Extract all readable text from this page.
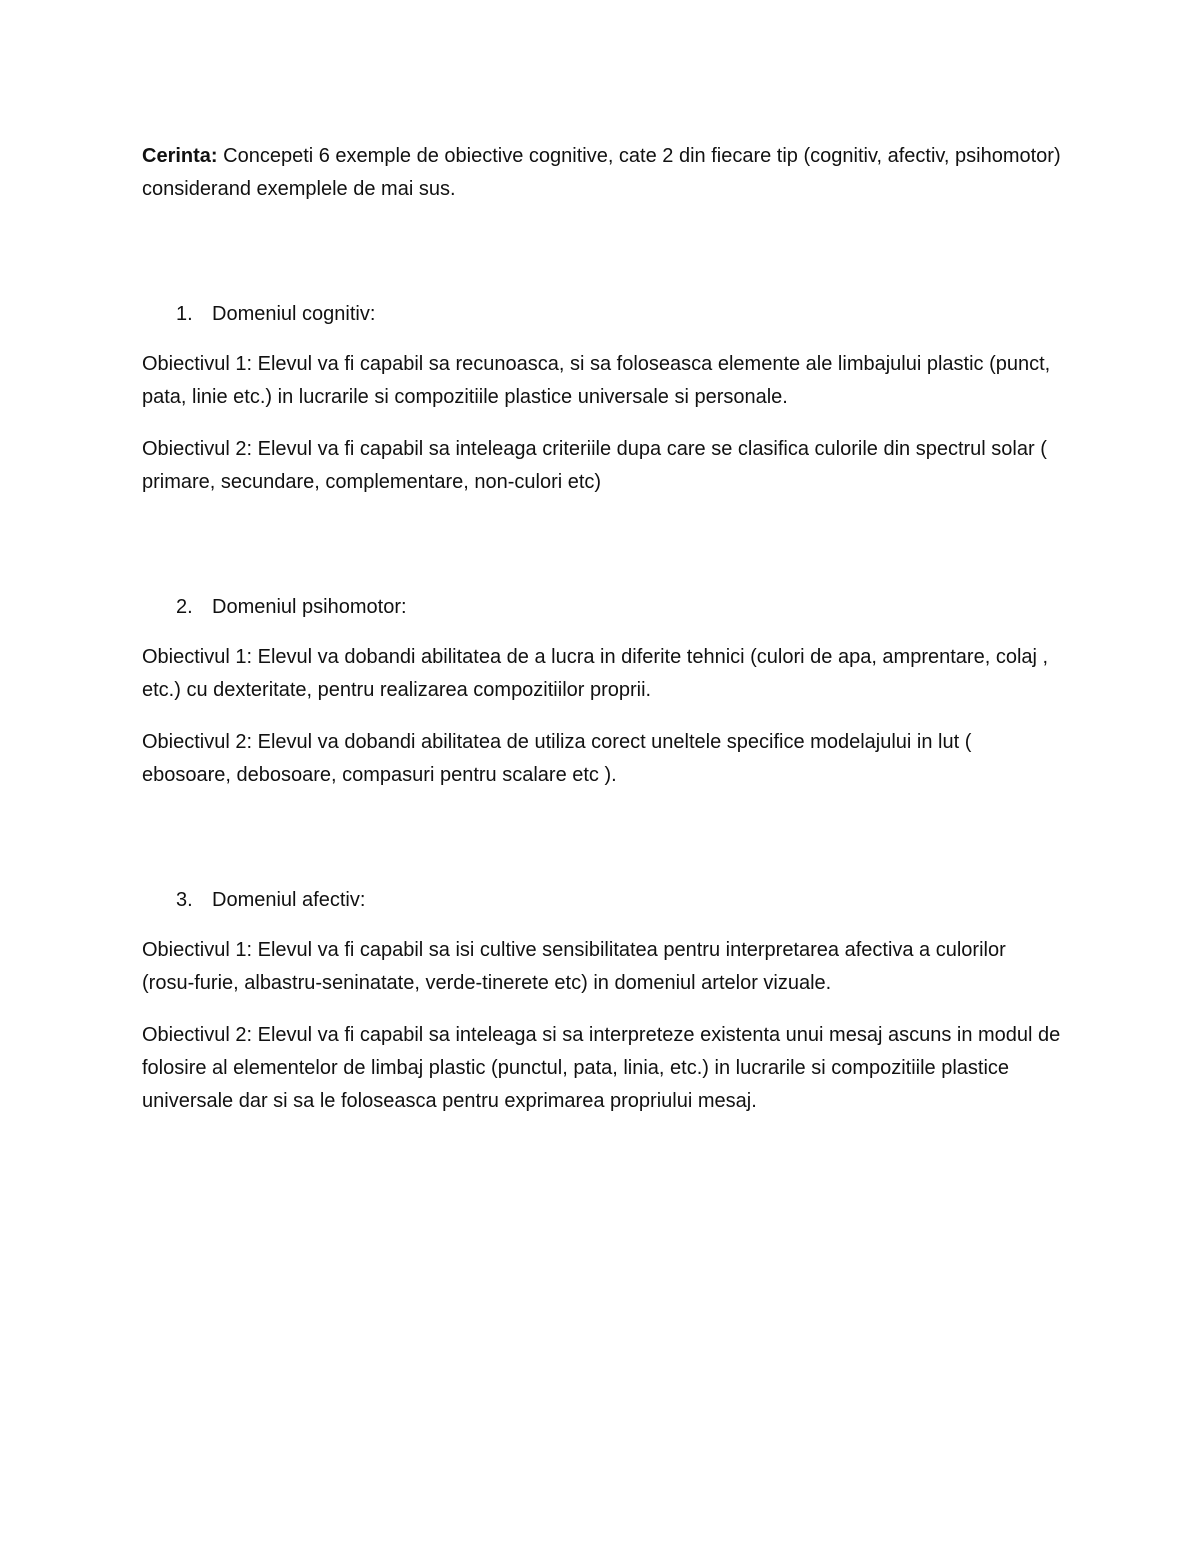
Cerinta: Concepeti 6 exemple de obiective cognitive, cate 2 din fiecare tip (cognitiv, afectiv, psihomotor) considerand exemplele de mai sus.

1. Domeniul cognitiv:

Obiectivul 1: Elevul va fi capabil sa recunoasca, si sa foloseasca elemente ale limbajului plastic (punct, pata, linie etc.) in lucrarile si compozitiile plastice universale si personale.

Obiectivul 2: Elevul va fi capabil sa inteleaga criteriile dupa care se clasifica culorile din spectrul solar ( primare, secundare, complementare, non-culori etc)

2. Domeniul psihomotor:

Obiectivul 1: Elevul va dobandi abilitatea de a lucra in diferite tehnici (culori de apa, amprentare, colaj , etc.) cu dexteritate, pentru realizarea compozitiilor proprii.

Obiectivul 2: Elevul va dobandi abilitatea de utiliza corect uneltele specifice modelajului in lut ( ebosoare, debosoare, compasuri pentru scalare etc ).

3. Domeniul afectiv:

Obiectivul 1: Elevul va fi capabil sa isi cultive sensibilitatea pentru interpretarea afectiva a culorilor (rosu-furie, albastru-seninatate, verde-tinerete etc) in domeniul artelor vizuale.

Obiectivul 2: Elevul va fi capabil sa inteleaga si sa interpreteze existenta unui mesaj ascuns in modul de folosire al elementelor de limbaj plastic (punctul, pata, linia, etc.) in lucrarile si compozitiile plastice universale dar si sa le foloseasca pentru exprimarea propriului mesaj.
